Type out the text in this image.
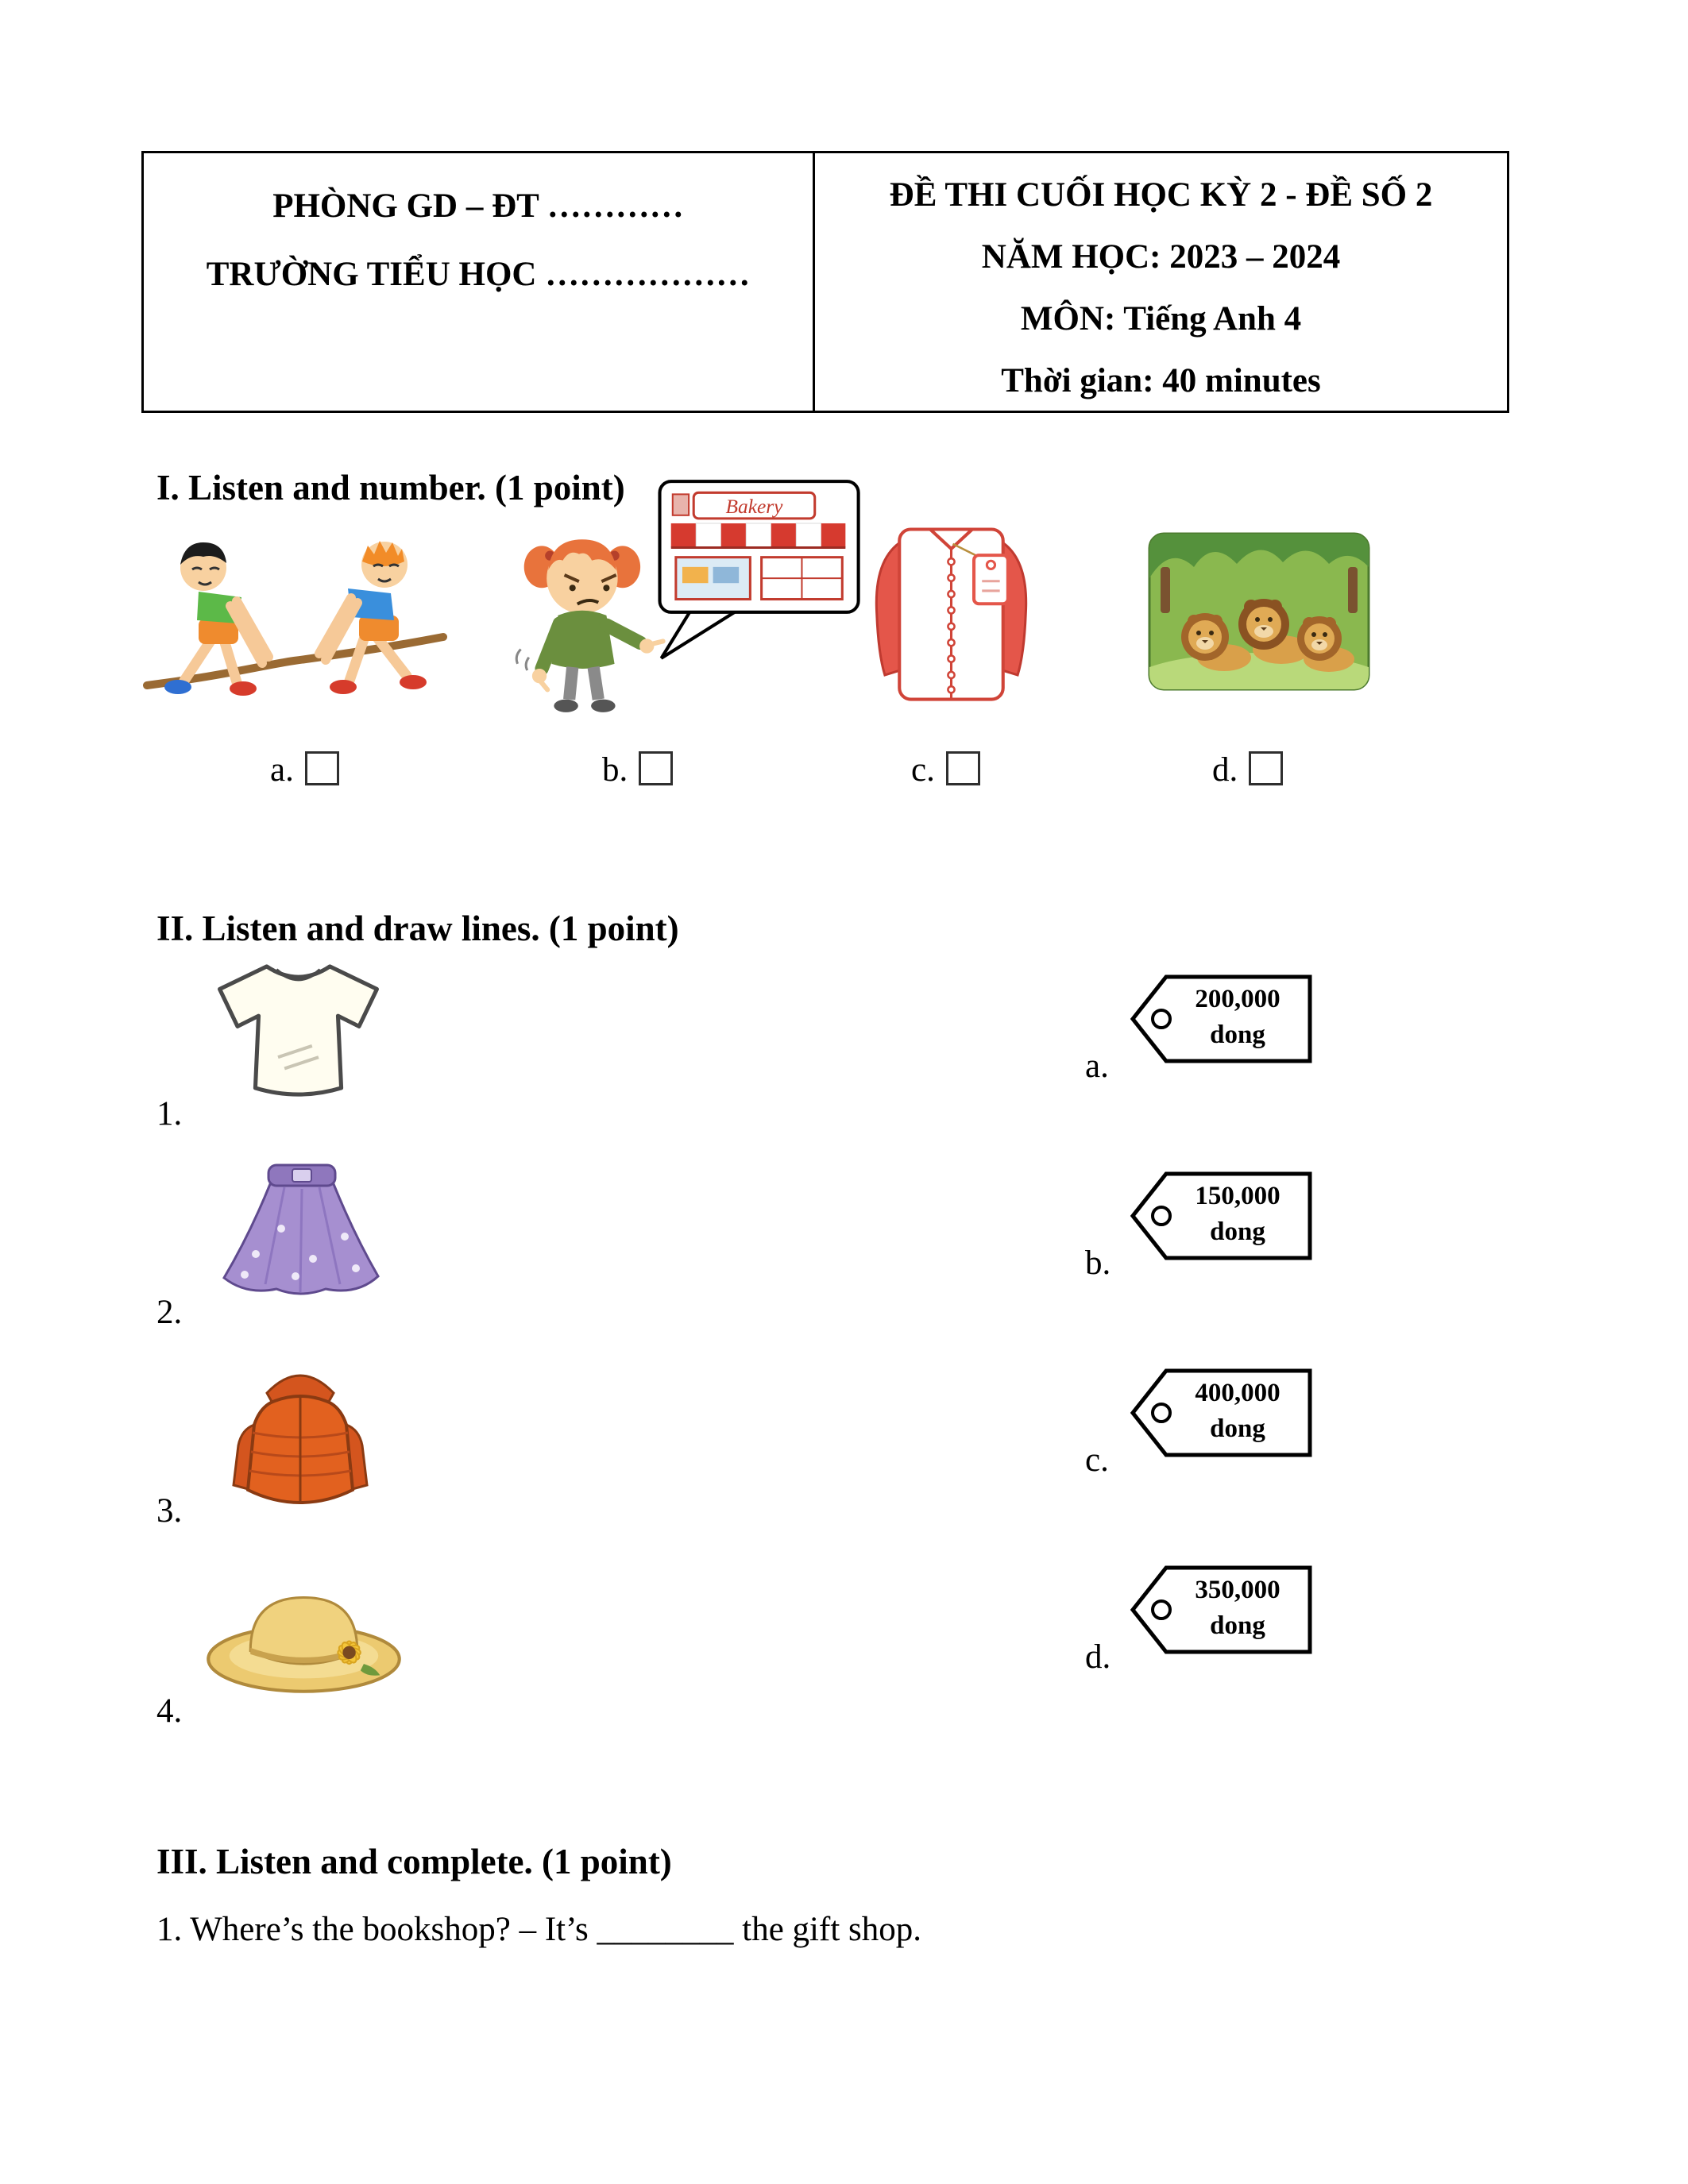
PHÒNG GD – ĐT …………
TRƯỜNG TIỂU HỌC ………………
ĐỀ THI CUỐI HỌC KỲ 2 - ĐỀ SỐ 2
NĂM HỌC: 2023 – 2024
MÔN: Tiếng Anh 4
Thời gian: 40 minutes
I. Listen and number. (1 point)	Bakery
a.	b.	c.	d.
II. Listen and draw lines. (1 point)
1.
2.
3.
4.
200,000
dong
a.
150,000
dong
b.
400,000
dong
c.
350,000
dong
d.
III. Listen and complete. (1 point)
1. Where’s the bookshop? – It’s ________ the gift shop.
